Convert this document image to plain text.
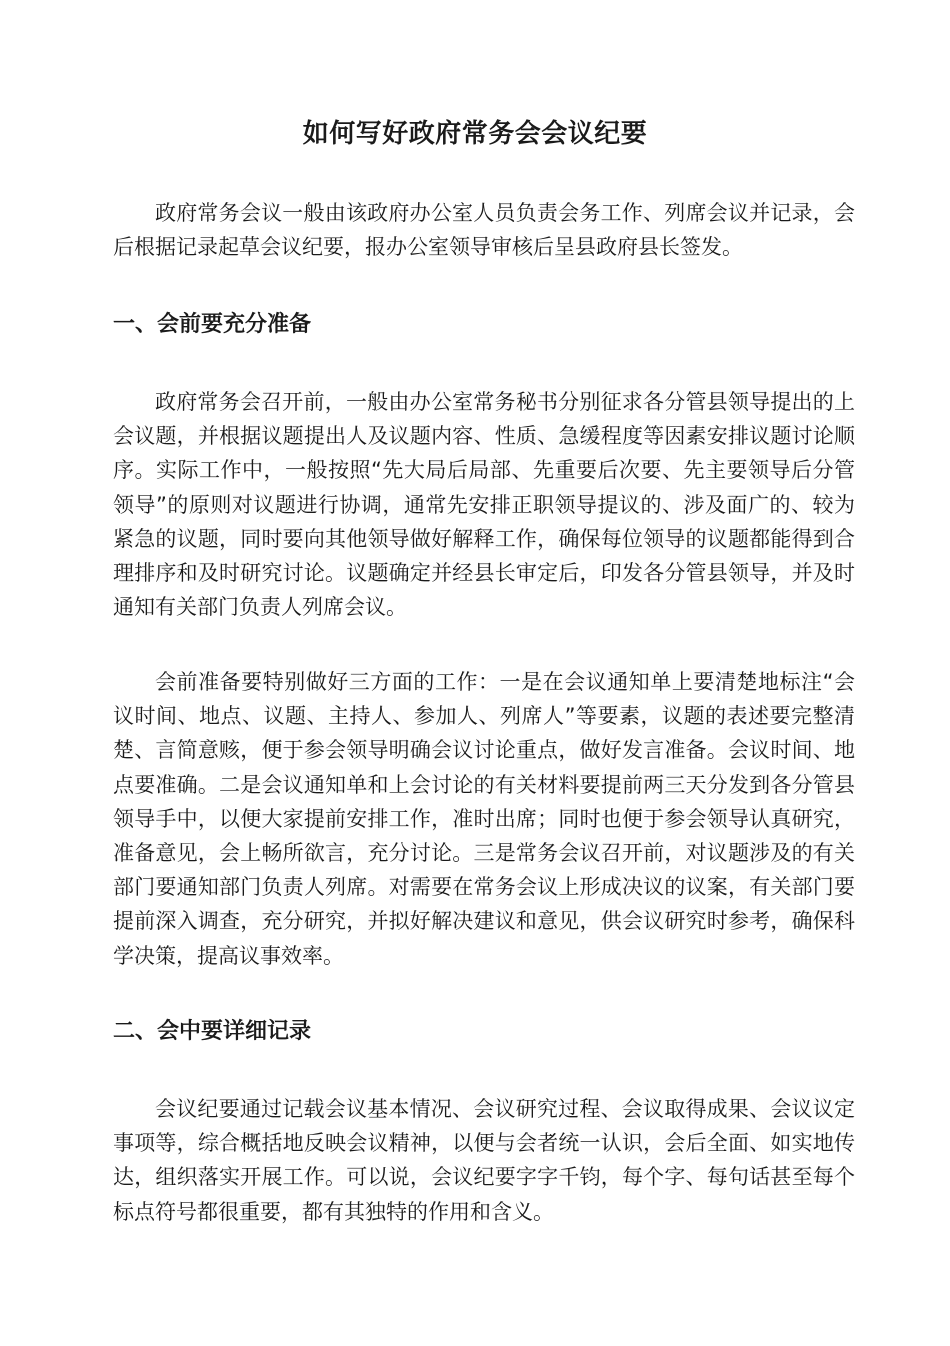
如何写好政府常务会会议纪要

政府常务会议一般由该政府办公室人员负责会务工作、列席会议并记录，会后根据记录起草会议纪要，报办公室领导审核后呈县政府县长签发。

一、会前要充分准备

政府常务会召开前，一般由办公室常务秘书分别征求各分管县领导提出的上会议题，并根据议题提出人及议题内容、性质、急缓程度等因素安排议题讨论顺序。实际工作中，一般按照“先大局后局部、先重要后次要、先主要领导后分管领导”的原则对议题进行协调，通常先安排正职领导提议的、涉及面广的、较为紧急的议题，同时要向其他领导做好解释工作，确保每位领导的议题都能得到合理排序和及时研究讨论。议题确定并经县长审定后，印发各分管县领导，并及时通知有关部门负责人列席会议。

会前准备要特别做好三方面的工作：一是在会议通知单上要清楚地标注“会议时间、地点、议题、主持人、参加人、列席人”等要素，议题的表述要完整清楚、言简意赅，便于参会领导明确会议讨论重点，做好发言准备。会议时间、地点要准确。二是会议通知单和上会讨论的有关材料要提前两三天分发到各分管县领导手中，以便大家提前安排工作，准时出席；同时也便于参会领导认真研究，准备意见，会上畅所欲言，充分讨论。三是常务会议召开前，对议题涉及的有关部门要通知部门负责人列席。对需要在常务会议上形成决议的议案，有关部门要提前深入调查，充分研究，并拟好解决建议和意见，供会议研究时参考，确保科学决策，提高议事效率。

二、会中要详细记录

会议纪要通过记载会议基本情况、会议研究过程、会议取得成果、会议议定事项等，综合概括地反映会议精神，以便与会者统一认识，会后全面、如实地传达，组织落实开展工作。可以说，会议纪要字字千钧，每个字、每句话甚至每个标点符号都很重要，都有其独特的作用和含义。
